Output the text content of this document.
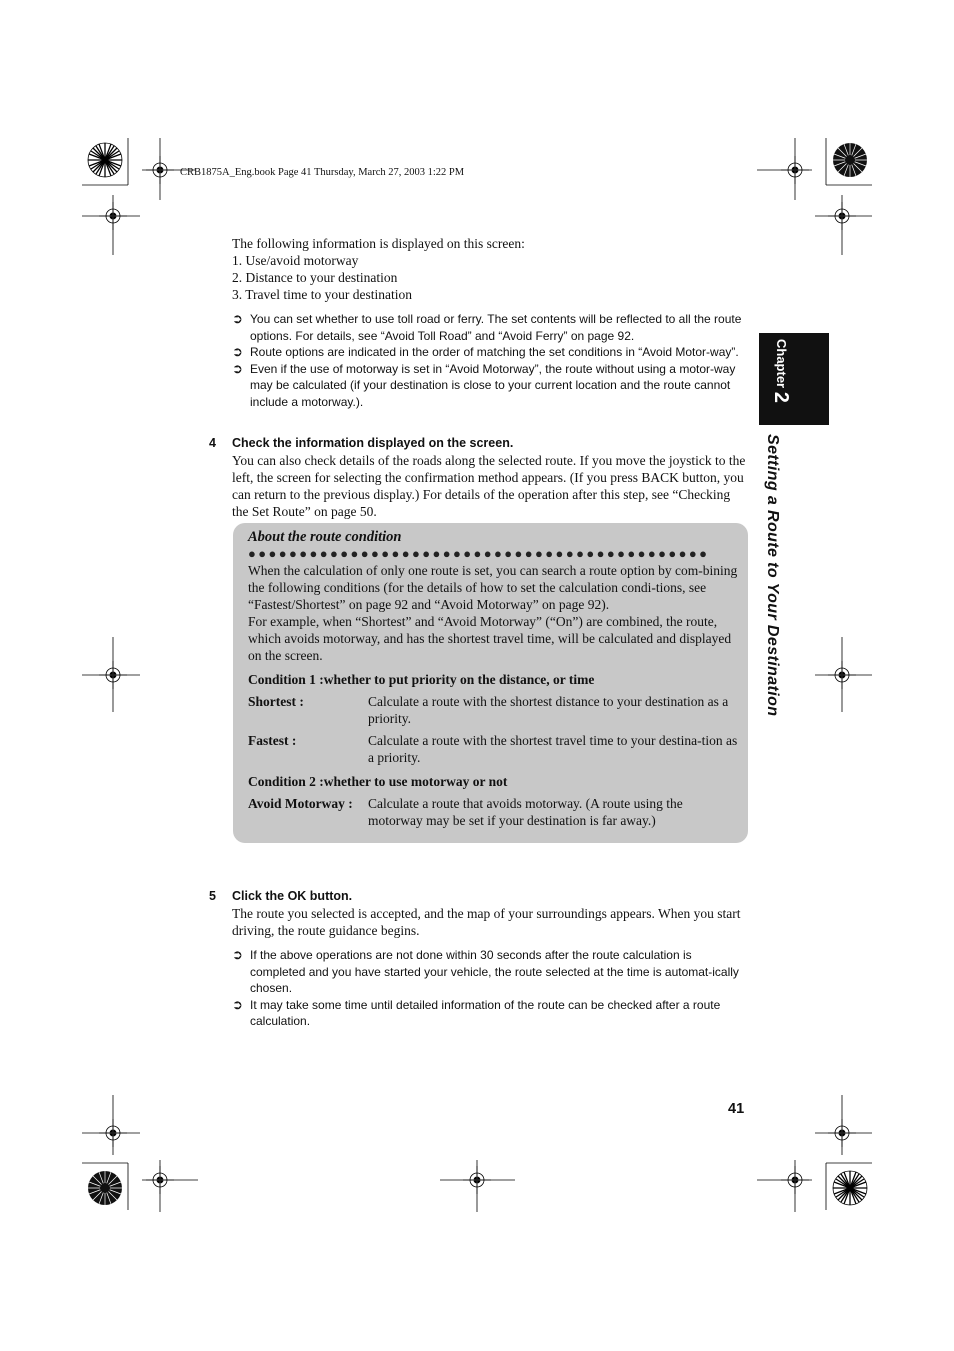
CRB1875A_Eng.book Page 41 Thursday, March 27, 2003 1:22 PM
The following information is displayed on this screen:
1. Use/avoid motorway
2. Distance to your destination
3. Travel time to your destination
➲ You can set whether to use toll road or ferry. The set contents will be reflected to all the route options. For details, see “Avoid Toll Road” and “Avoid Ferry” on page 92.
➲ Route options are indicated in the order of matching the set conditions in “Avoid Motor-way”.
➲ Even if the use of motorway is set in “Avoid Motorway”, the route without using a motor-way may be calculated (if your destination is close to your current location and the route cannot include a motorway.).
4 Check the information displayed on the screen.
You can also check details of the roads along the selected route. If you move the joystick to the left, the screen for selecting the confirmation method appears. (If you press BACK button, you can return to the previous display.) For details of the operation after this step, see “Checking the Set Route” on page 50.
About the route condition
●●●●●●●●●●●●●●●●●●●●●●●●●●●●●●●●●●●●●●●●●●●●●
When the calculation of only one route is set, you can search a route option by com-bining the following conditions (for the details of how to set the calculation condi-tions, see “Fastest/Shortest” on page 92 and “Avoid Motorway” on page 92).
For example, when “Shortest” and “Avoid Motorway” (“On”) are combined, the route, which avoids motorway, and has the shortest travel time, will be calculated and displayed on the screen.
Condition 1 :whether to put priority on the distance, or time
Shortest :	Calculate a route with the shortest distance to your destination as a priority.
Fastest :	Calculate a route with the shortest travel time to your destina-tion as a priority.
Condition 2 :whether to use motorway or not
Avoid Motorway :	Calculate a route that avoids motorway. (A route using the motorway may be set if your destination is far away.)
5 Click the OK button.
The route you selected is accepted, and the map of your surroundings appears. When you start driving, the route guidance begins.
➲ If the above operations are not done within 30 seconds after the route calculation is completed and you have started your vehicle, the route selected at the time is automat-ically chosen.
➲ It may take some time until detailed information of the route can be checked after a route calculation.
Chapter 2
Setting a Route to Your Destination
41
